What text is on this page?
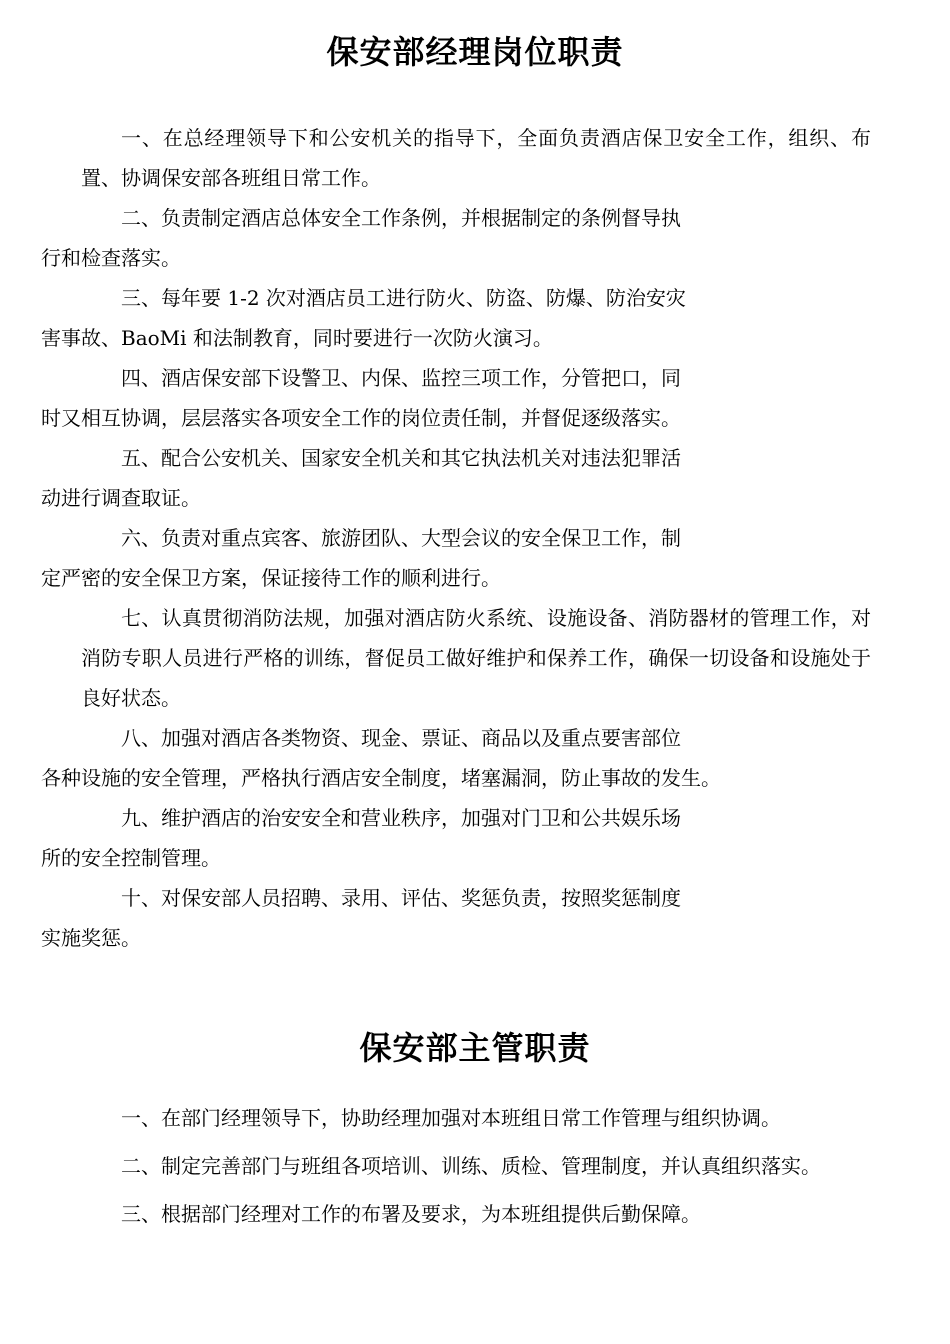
保安部经理岗位职责

一、在总经理领导下和公安机关的指导下，全面负责酒店保卫安全工作，组织、布置、协调保安部各班组日常工作。

二、负责制定酒店总体安全工作条例，并根据制定的条例督导执
行和检查落实。

三、每年要 1-2 次对酒店员工进行防火、防盗、防爆、防治安灾
害事故、BaoMi 和法制教育，同时要进行一次防火演习。

四、酒店保安部下设警卫、内保、监控三项工作，分管把口，同
时又相互协调，层层落实各项安全工作的岗位责任制，并督促逐级落实。

五、配合公安机关、国家安全机关和其它执法机关对违法犯罪活
动进行调查取证。

六、负责对重点宾客、旅游团队、大型会议的安全保卫工作，制
定严密的安全保卫方案，保证接待工作的顺利进行。

七、认真贯彻消防法规，加强对酒店防火系统、设施设备、消防器材的管理工作，对消防专职人员进行严格的训练，督促员工做好维护和保养工作，确保一切设备和设施处于良好状态。

八、加强对酒店各类物资、现金、票证、商品以及重点要害部位
各种设施的安全管理，严格执行酒店安全制度，堵塞漏洞，防止事故的发生。

九、维护酒店的治安安全和营业秩序，加强对门卫和公共娱乐场
所的安全控制管理。

十、对保安部人员招聘、录用、评估、奖惩负责，按照奖惩制度
实施奖惩。

保安部主管职责

一、在部门经理领导下，协助经理加强对本班组日常工作管理与组织协调。

二、制定完善部门与班组各项培训、训练、质检、管理制度，并认真组织落实。

三、根据部门经理对工作的布署及要求，为本班组提供后勤保障。
